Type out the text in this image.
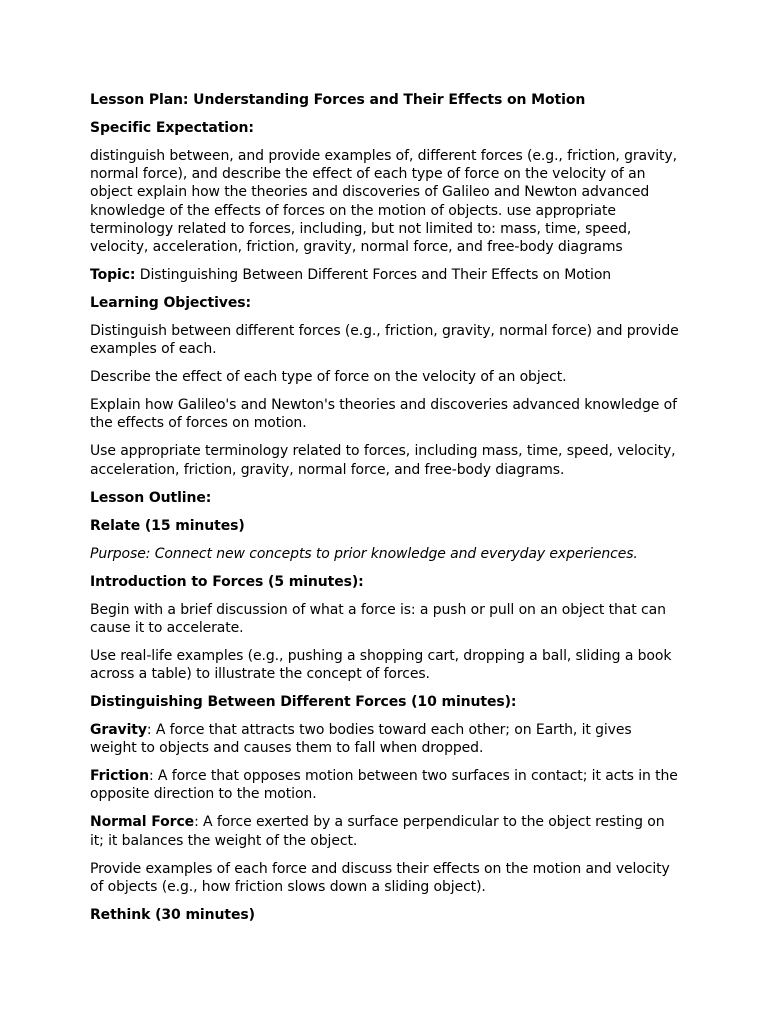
Lesson Plan: Understanding Forces and Their Effects on Motion

Specific Expectation:

distinguish between, and provide examples of, different forces (e.g., friction, gravity, normal force), and describe the effect of each type of force on the velocity of an object explain how the theories and discoveries of Galileo and Newton advanced knowledge of the effects of forces on the motion of objects. use appropriate terminology related to forces, including, but not limited to: mass, time, speed, velocity, acceleration, friction, gravity, normal force, and free-body diagrams

Topic: Distinguishing Between Different Forces and Their Effects on Motion

Learning Objectives:

Distinguish between different forces (e.g., friction, gravity, normal force) and provide examples of each.

Describe the effect of each type of force on the velocity of an object.

Explain how Galileo's and Newton's theories and discoveries advanced knowledge of the effects of forces on motion.

Use appropriate terminology related to forces, including mass, time, speed, velocity, acceleration, friction, gravity, normal force, and free-body diagrams.

Lesson Outline:

Relate (15 minutes)

Purpose: Connect new concepts to prior knowledge and everyday experiences.

Introduction to Forces (5 minutes):

Begin with a brief discussion of what a force is: a push or pull on an object that can cause it to accelerate.

Use real-life examples (e.g., pushing a shopping cart, dropping a ball, sliding a book across a table) to illustrate the concept of forces.

Distinguishing Between Different Forces (10 minutes):

Gravity: A force that attracts two bodies toward each other; on Earth, it gives weight to objects and causes them to fall when dropped.

Friction: A force that opposes motion between two surfaces in contact; it acts in the opposite direction to the motion.

Normal Force: A force exerted by a surface perpendicular to the object resting on it; it balances the weight of the object.

Provide examples of each force and discuss their effects on the motion and velocity of objects (e.g., how friction slows down a sliding object).

Rethink (30 minutes)
